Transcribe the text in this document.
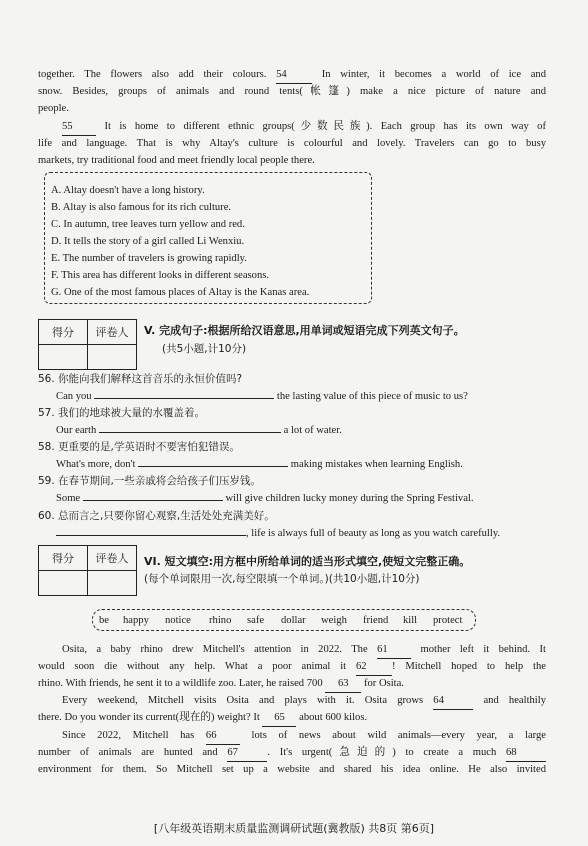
together. The flowers also add their colours. 54	In winter, it becomes a world of ice and
snow. Besides, groups of animals and round tents(帐篷) make a nice picture of nature and
people.
55	It is home to different ethnic groups(少数民族). Each group has its own way of
life and language. That is why Altay's culture is colourful and lovely. Travelers can go to busy
markets, try traditional food and meet friendly local people there.
A. Altay doesn't have a long history.
B. Altay is also famous for its rich culture.
C. In autumn, tree leaves turn yellow and red.
D. It tells the story of a girl called Li Wenxiu.
E. The number of travelers is growing rapidly.
F. This area has different looks in different seasons.
G. One of the most famous places of Altay is the Kanas area.
得分	评卷人
	V. 完成句子:根据所给汉语意思,用单词或短语完成下列英文句子。
(共5小题,计10分)
56. 你能向我们解释这首音乐的永恒价值吗?
Can you	the lasting value of this piece of music to us?
57. 我们的地球被大量的水覆盖着。
Our earth	a lot of water.
58. 更重要的是,学英语时不要害怕犯错误。
What's more, don't	making mistakes when learning English.
59. 在春节期间,一些亲戚将会给孩子们压岁钱。
Some	will give children lucky money during the Spring Festival.
60. 总而言之,只要你留心观察,生活处处充满美好。
, life is always full of beauty as long as you watch carefully.
得分	评卷人
	VI. 短文填空:用方框中所给单词的适当形式填空,使短文完整正确。
(每个单词限用一次,每空限填一个单词。)(共10小题,计10分)
be happy notice rhino safe dollar weigh friend kill protect
Osita, a baby rhino drew Mitchell's attention in 2022. The 61	mother left it behind. It
would soon die without any help. What a poor animal it 62 ! Mitchell hoped to help the
rhino. With friends, he sent it to a wildlife zoo. Later, he raised 700 63 for Osita.
Every weekend, Mitchell visits Osita and plays with it. Osita grows 64	and healthily
there. Do you wonder its current(现在的) weight? It 65 about 600 kilos.
Since 2022, Mitchell has 66	lots of news about wild animals—every year, a large
number of animals are hunted and 67	. It's urgent(急迫的) to create a much 68
environment for them. So Mitchell set up a website and shared his idea online. He also invited
[八年级英语期末质量监测调研试题(冀教版) 共8页 第6页]
